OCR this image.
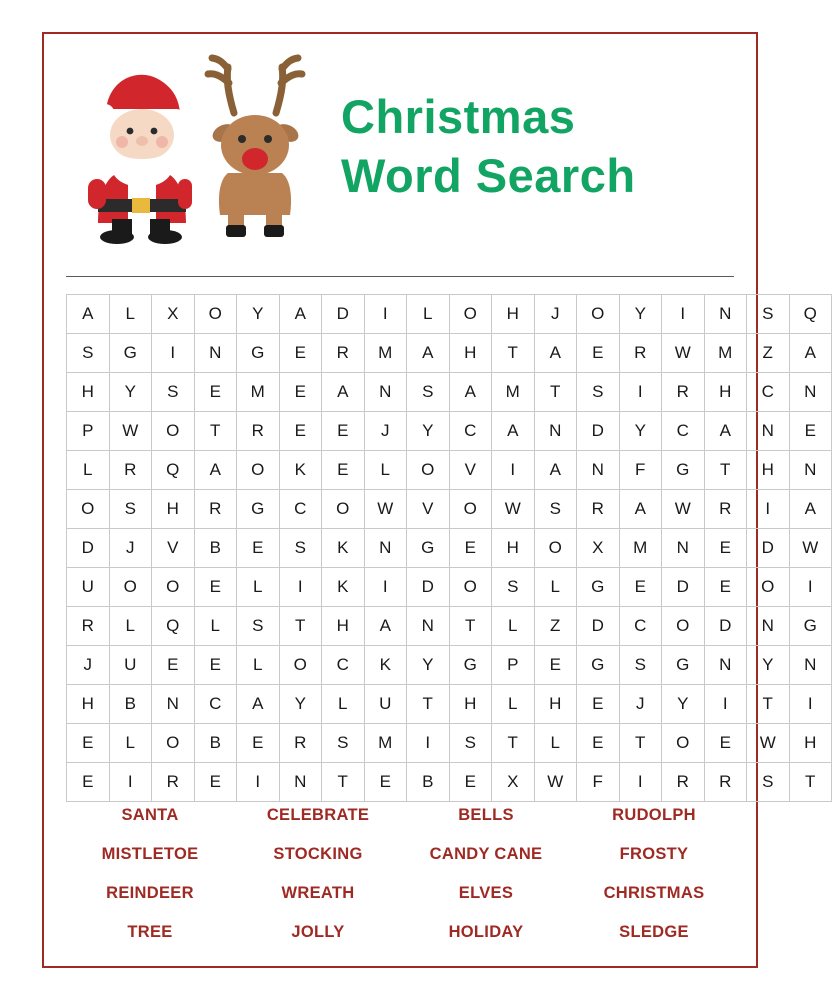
Christmas
Word Search
A	L	X	O	Y	A	D	I	L	O	H	J	O	Y	I	N	S	Q
S	G	I	N	G	E	R	M	A	H	T	A	E	R	W	M	Z	A
H	Y	S	E	M	E	A	N	S	A	M	T	S	I	R	H	C	N
P	W	O	T	R	E	E	J	Y	C	A	N	D	Y	C	A	N	E
L	R	Q	A	O	K	E	L	O	V	I	A	N	F	G	T	H	N
O	S	H	R	G	C	O	W	V	O	W	S	R	A	W	R	I	A
D	J	V	B	E	S	K	N	G	E	H	O	X	M	N	E	D	W
U	O	O	E	L	I	K	I	D	O	S	L	G	E	D	E	O	I
R	L	Q	L	S	T	H	A	N	T	L	Z	D	C	O	D	N	G
J	U	E	E	L	O	C	K	Y	G	P	E	G	S	G	N	Y	N
H	B	N	C	A	Y	L	U	T	H	L	H	E	J	Y	I	T	I
E	L	O	B	E	R	S	M	I	S	T	L	E	T	O	E	W	H
E	I	R	E	I	N	T	E	B	E	X	W	F	I	R	R	S	T
SANTA	CELEBRATE	BELLS	RUDOLPH
MISTLETOE	STOCKING	CANDY CANE	FROSTY
REINDEER	WREATH	ELVES	CHRISTMAS
TREE	JOLLY	HOLIDAY	SLEDGE
